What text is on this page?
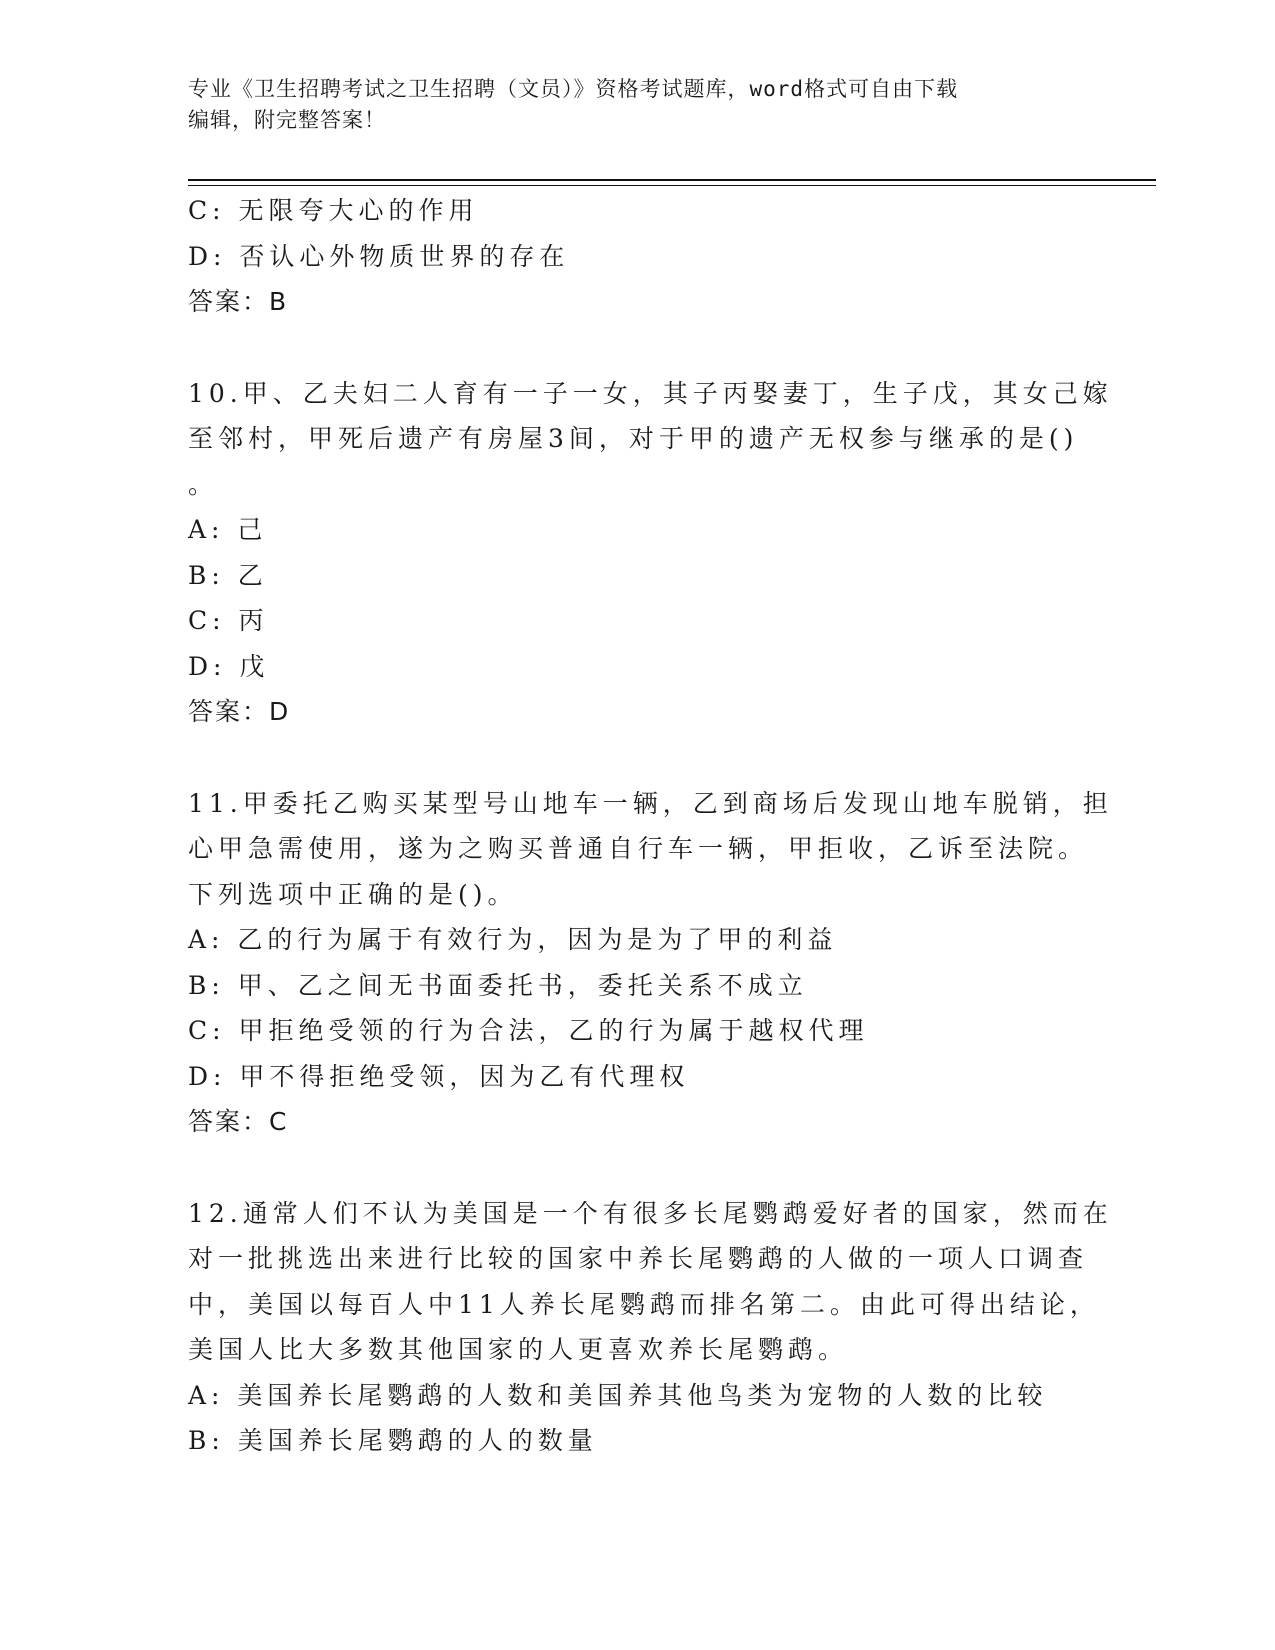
专业《卫生招聘考试之卫生招聘（文员）》资格考试题库，word格式可自由下载
编辑，附完整答案！
C: 无限夸大心的作用
D: 否认心外物质世界的存在
答案：B
10.甲、乙夫妇二人育有一子一女，其子丙娶妻丁，生子戊，其女己嫁
至邻村，甲死后遗产有房屋3间，对于甲的遗产无权参与继承的是()
。
A: 己
B: 乙
C: 丙
D: 戊
答案：D
11.甲委托乙购买某型号山地车一辆，乙到商场后发现山地车脱销，担
心甲急需使用，遂为之购买普通自行车一辆，甲拒收，乙诉至法院。
下列选项中正确的是()。
A: 乙的行为属于有效行为，因为是为了甲的利益
B: 甲、乙之间无书面委托书，委托关系不成立
C: 甲拒绝受领的行为合法，乙的行为属于越权代理
D: 甲不得拒绝受领，因为乙有代理权
答案：C
12.通常人们不认为美国是一个有很多长尾鹦鹉爱好者的国家，然而在
对一批挑选出来进行比较的国家中养长尾鹦鹉的人做的一项人口调查
中，美国以每百人中11人养长尾鹦鹉而排名第二。由此可得出结论，
美国人比大多数其他国家的人更喜欢养长尾鹦鹉。
A: 美国养长尾鹦鹉的人数和美国养其他鸟类为宠物的人数的比较
B: 美国养长尾鹦鹉的人的数量
